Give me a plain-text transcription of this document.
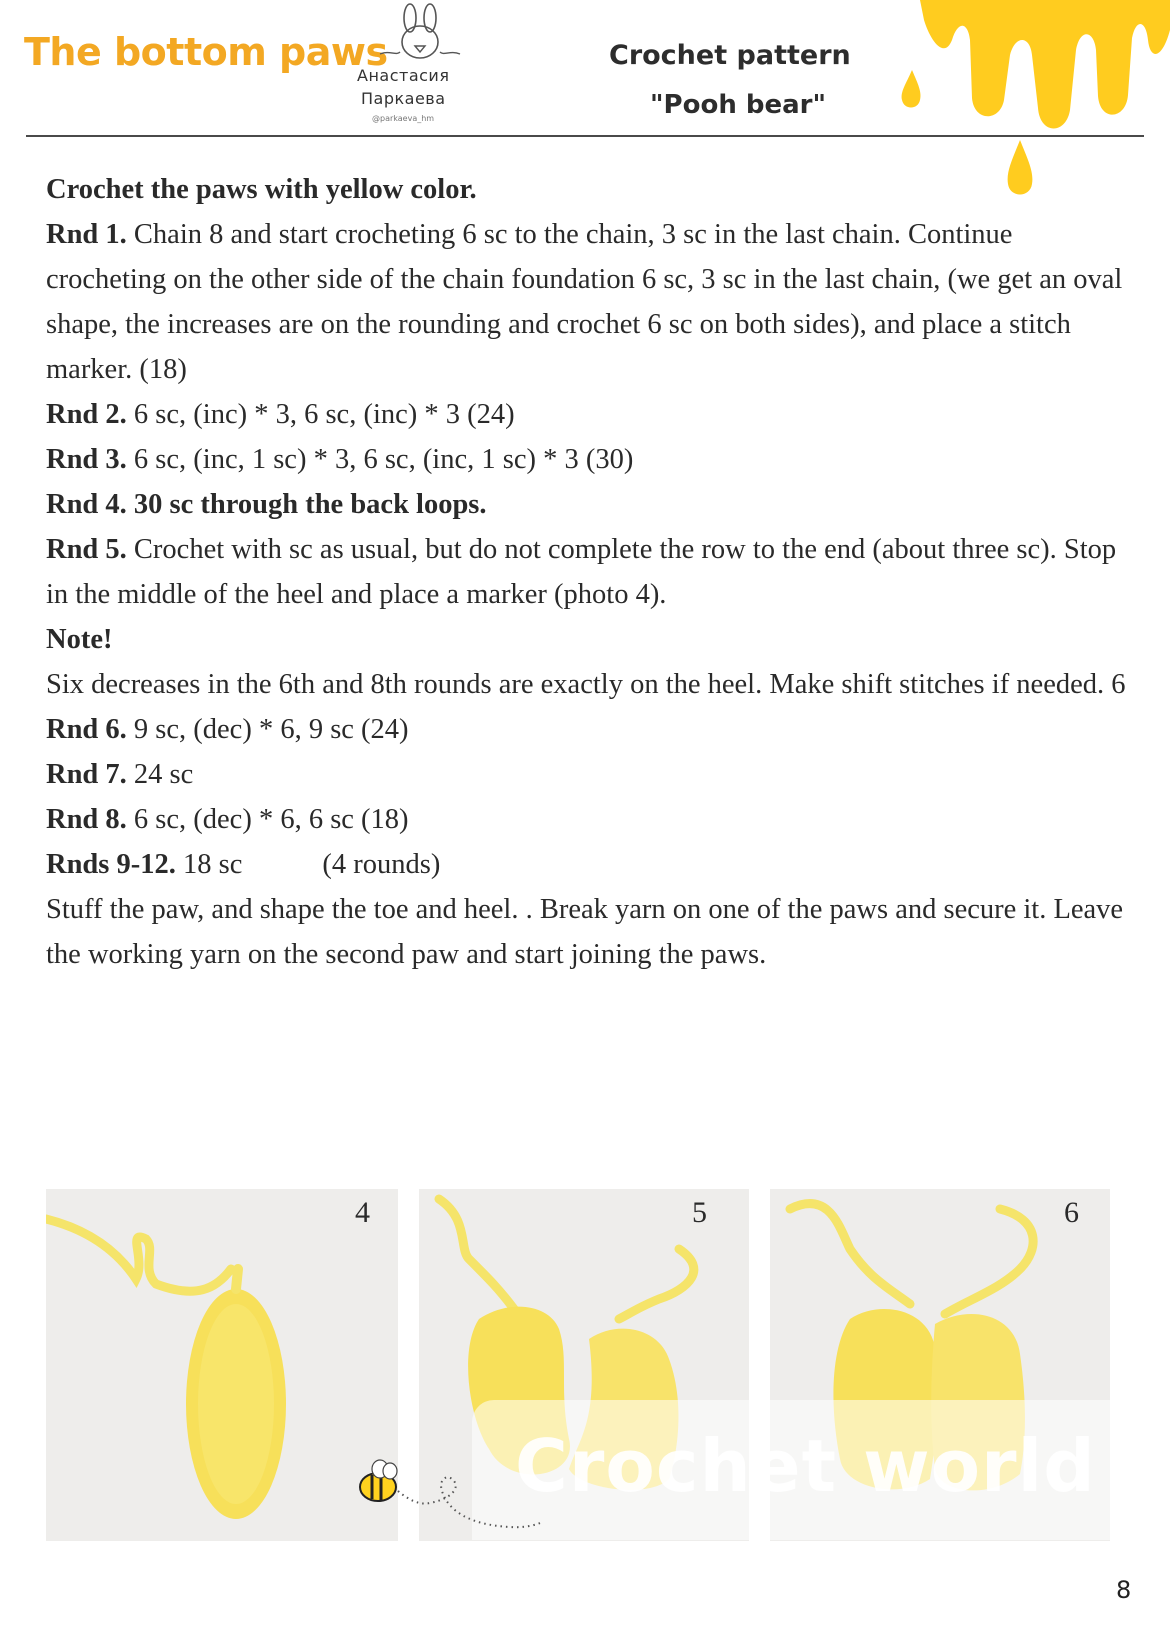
The bottom paws
Анастасия
Паркаева
@parkaeva_hm
Crochet pattern
"Pooh bear"

Crochet the paws with yellow color.

Rnd 1. Chain 8 and start crocheting 6 sc to the chain, 3 sc in the last chain. Continue crocheting on the other side of the chain foundation 6 sc, 3 sc in the last chain, (we get an oval shape, the increases are on the rounding and crochet 6 sc on both sides), and place a stitch marker. (18)

Rnd 2. 6 sc, (inc) * 3, 6 sc, (inc) * 3 (24)

Rnd 3. 6 sc, (inc, 1 sc) * 3, 6 sc, (inc, 1 sc) * 3 (30)

Rnd 4. 30 sc through the back loops.

Rnd 5. Crochet with sc as usual, but do not complete the row to the end (about three sc). Stop in the middle of the heel and place a marker (photo 4).

Note!

Six decreases in the 6th and 8th rounds are exactly on the heel. Make shift stitches if needed. 6

Rnd 6. 9 sc, (dec) * 6, 9 sc (24)

Rnd 7. 24 sc

Rnd 8. 6 sc, (dec) * 6, 6 sc (18)

Rnds 9-12. 18 sc	(4 rounds)

Stuff the paw, and shape the toe and heel. . Break yarn on one of the paws and secure it. Leave the working yarn on the second paw and start joining the paws.

4	5	6
Crochet world
8
